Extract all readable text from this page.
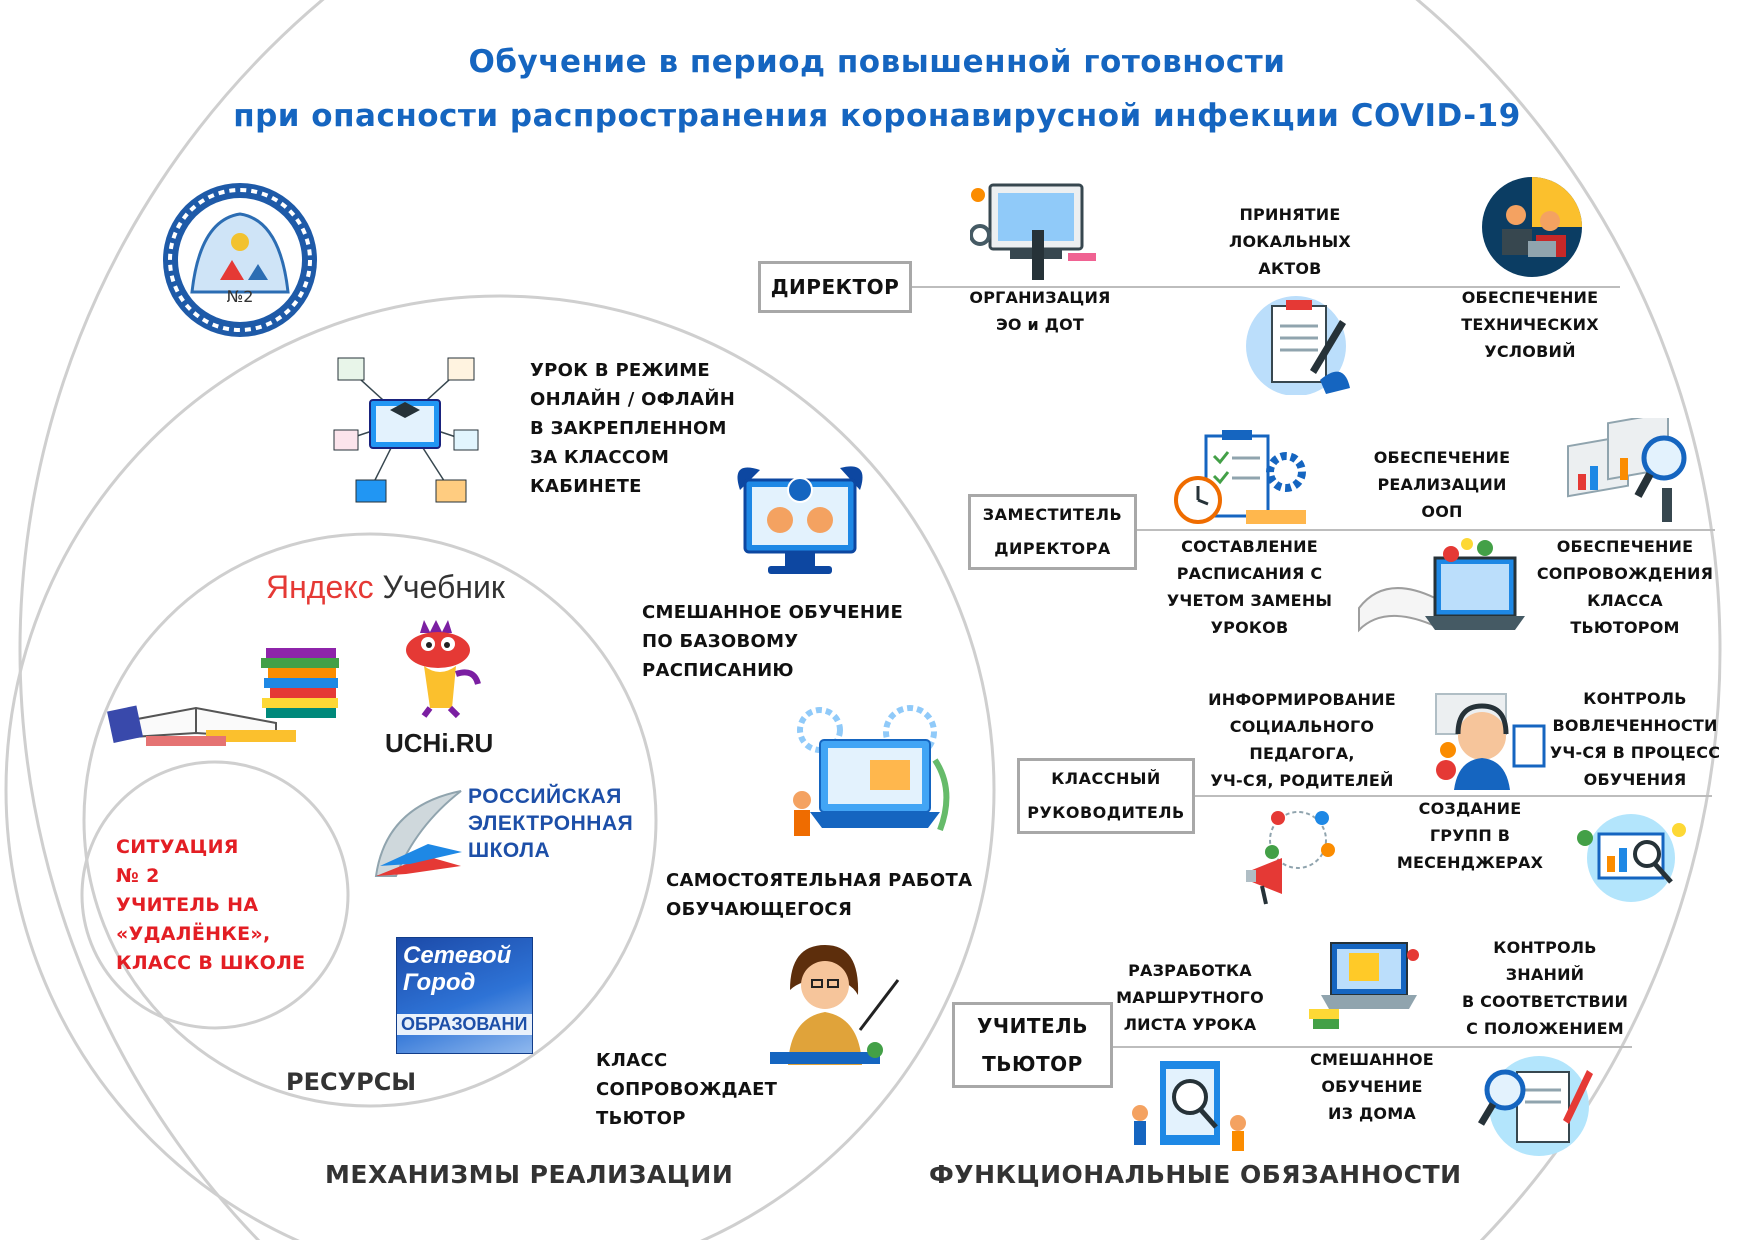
Обучение в период повышенной готовности
при опасности распространения коронавирусной инфекции COVID-19
№2
УРОК В РЕЖИМЕ
ОНЛАЙН / ОФЛАЙН
В ЗАКРЕПЛЕННОМ
ЗА КЛАССОМ
КАБИНЕТЕ
СМЕШАННОЕ ОБУЧЕНИЕ
ПО БАЗОВОМУ
РАСПИСАНИЮ
САМОСТОЯТЕЛЬНАЯ РАБОТА
ОБУЧАЮЩЕГОСЯ
КЛАСС
СОПРОВОЖДАЕТ
ТЬЮТОР
Яндекс Учебник
UCHi.RU
РОССИЙСКАЯ
ЭЛЕКТРОННАЯ
ШКОЛА
Сетевой
Город
ОБРАЗОВАНИ
РЕСУРСЫ
СИТУАЦИЯ
№ 2
УЧИТЕЛЬ НА
«УДАЛЁНКЕ»,
КЛАСС В ШКОЛЕ
МЕХАНИЗМЫ РЕАЛИЗАЦИИ	ФУНКЦИОНАЛЬНЫЕ ОБЯЗАННОСТИ
ДИРЕКТОР	ОРГАНИЗАЦИЯ
ЭО и ДОТ
ПРИНЯТИЕ
ЛОКАЛЬНЫХ
АКТОВ
ОБЕСПЕЧЕНИЕ
ТЕХНИЧЕСКИХ
УСЛОВИЙ
ЗАМЕСТИТЕЛЬ
ДИРЕКТОРА	СОСТАВЛЕНИЕ
РАСПИСАНИЯ С
УЧЕТОМ ЗАМЕНЫ
УРОКОВ
ОБЕСПЕЧЕНИЕ
РЕАЛИЗАЦИИ
ООП
ОБЕСПЕЧЕНИЕ
СОПРОВОЖДЕНИЯ
КЛАССА
ТЬЮТОРОМ
КЛАССНЫЙ
РУКОВОДИТЕЛЬ
ИНФОРМИРОВАНИЕ
СОЦИАЛЬНОГО
ПЕДАГОГА,
УЧ-СЯ, РОДИТЕЛЕЙ
КОНТРОЛЬ
ВОВЛЕЧЕННОСТИ
УЧ-СЯ В ПРОЦЕСС
ОБУЧЕНИЯ
СОЗДАНИЕ
ГРУПП В
МЕСЕНДЖЕРАХ
УЧИТЕЛЬ
ТЬЮТОР
РАЗРАБОТКА
МАРШРУТНОГО
ЛИСТА УРОКА
КОНТРОЛЬ
ЗНАНИЙ
В СООТВЕТСТВИИ
С ПОЛОЖЕНИЕМ
СМЕШАННОЕ
ОБУЧЕНИЕ
ИЗ ДОМА
